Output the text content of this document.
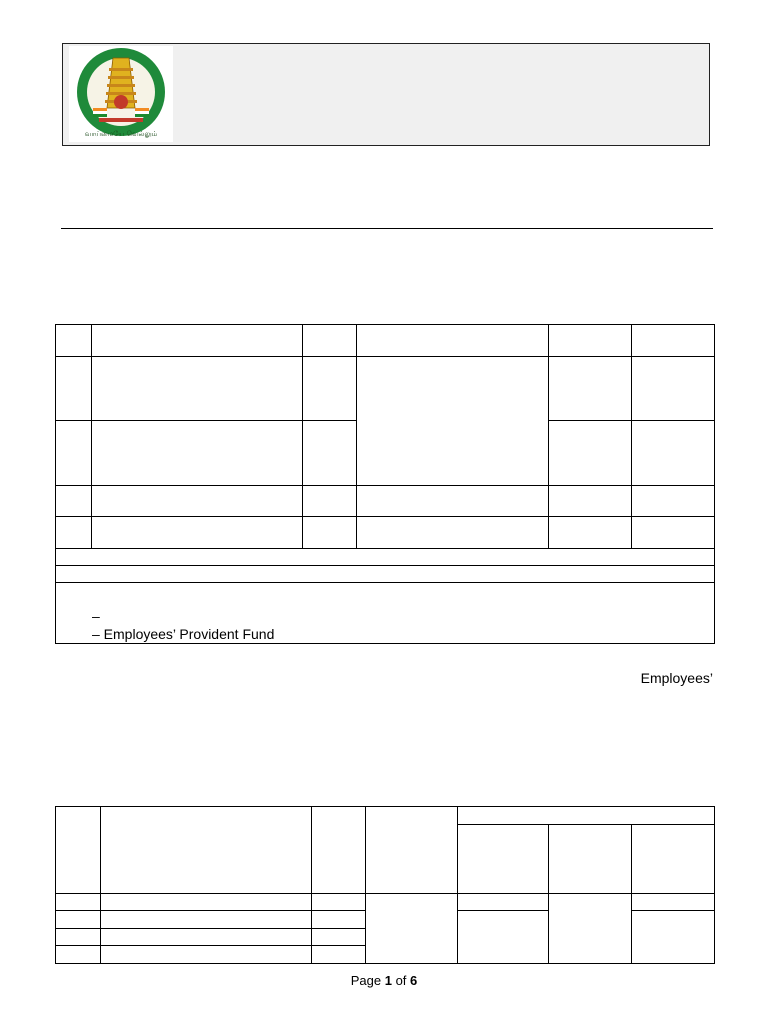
வாய்மையே வெல்லும்

–
– Employees’ Provident Fund					
Employees’

Page 1 of 6
